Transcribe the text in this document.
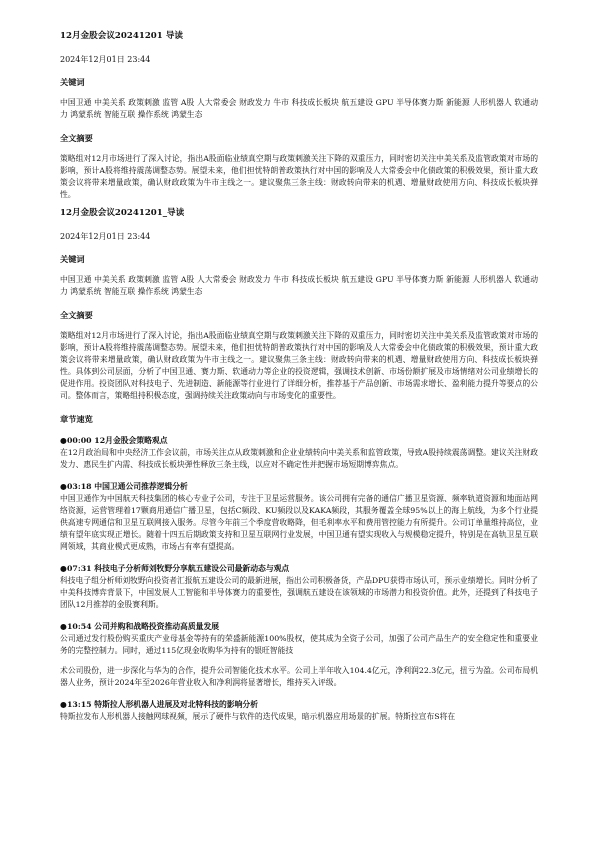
12月金股会议20241201 导读
2024年12月01日 23:44
关键词
中国卫通 中美关系 政策刺激 监管 A股 人大常委会 财政发力 牛市 科技成长板块 航五建设 GPU 半导体赛力斯 新能源 人形机器人 软通动力 鸿蒙系统 智能互联 操作系统 鸿蒙生态
全文摘要
策略组对12月市场进行了深入讨论，指出A股面临业绩真空期与政策刺激关注下降的双重压力，同时密切关注中美关系及监管政策对市场的影响，预计A股将维持震荡调整态势。展望未来，他们担忧特朗普政策执行对中国的影响及人大常委会中化债政策的积极效果，预计重大政策会议将带来增量政策，确认财政政策为牛市主线之一。建议聚焦三条主线：财政转向带来的机遇、增量财政使用方向、科技成长板块弹性。
12月金股会议20241201_导读
2024年12月01日 23:44
关键词
中国卫通 中美关系 政策刺激 监管 A股 人大常委会 财政发力 牛市 科技成长板块 航五建设 GPU 半导体赛力斯 新能源 人形机器人 软通动力 鸿蒙系统 智能互联 操作系统 鸿蒙生态
全文摘要
策略组对12月市场进行了深入讨论，指出A股面临业绩真空期与政策刺激关注下降的双重压力，同时密切关注中美关系及监管政策对市场的影响，预计A股将维持震荡调整态势。展望未来，他们担忧特朗普政策执行对中国的影响及人大常委会中化债政策的积极效果，预计重大政策会议将带来增量政策，确认财政政策为牛市主线之一。建议聚焦三条主线：财政转向带来的机遇、增量财政使用方向、科技成长板块弹性。具体到公司层面，分析了中国卫通、赛力斯、软通动力等企业的投资逻辑，强调技术创新、市场份额扩展及市场情绪对公司业绩增长的促进作用。投资团队对科技电子、先进制造、新能源等行业进行了详细分析，推荐基于产品创新、市场需求增长、盈利能力提升等要点的公司。整体而言，策略组持积极态度，强调持续关注政策动向与市场变化的重要性。
章节速览
●00:00 12月金股会策略观点
在12月政治局和中央经济工作会议前，市场关注点从政策刺激和企业业绩转向中美关系和监管政策，导致A股持续震荡调整。建议关注财政发力、惠民生扩内需、科技成长板块弹性释放三条主线，以应对不确定性并把握市场短期博弈焦点。
●03:18 中国卫通公司推荐逻辑分析
中国卫通作为中国航天科技集团的核心专业子公司，专注于卫星运营服务。该公司拥有完备的通信广播卫星资源、频率轨道资源和地面站网络资源，运营管理着17颗商用通信广播卫星，包括C频段、KU频段以及KAKA频段，其服务覆盖全球95%以上的海上航线，为多个行业提供高速专网通信和卫星互联网接入服务。尽管今年前三个季度营收略降，但毛利率水平和费用管控能力有所提升。公司订单量维持高位，业绩有望年底实现正增长。随着十四五后期政策支持和卫星互联网行业发展，中国卫通有望实现收入与规模稳定提升，特别是在高轨卫星互联网领域，其商业模式更成熟，市场占有率有望提高。
●07:31 科技电子分析师刘牧野分享航五建设公司最新动态与观点
科技电子组分析师刘牧野向投资者汇报航五建设公司的最新进展，指出公司积极备货，产品DPU获得市场认可，预示业绩增长。同时分析了中美科技博弈背景下，中国发展人工智能和半导体赛力的重要性，强调航五建设在该领域的市场潜力和投资价值。此外，还提到了科技电子团队12月推荐的金股赛利斯。
●10:54 公司并购和战略投资推动高质量发展
公司通过发行股份购买重庆产业母基金等持有的荣盛新能源100%股权，使其成为全资子公司，加强了公司产品生产的安全稳定性和重要业务的完整控制力。同时，通过115亿现金收购华为持有的银旺智能技
术公司股份，进一步深化与华为的合作，提升公司智能化技术水平。公司上半年收入104.4亿元，净利润22.3亿元，扭亏为盈。公司布局机器人业务，预计2024年至2026年营业收入和净利润将显著增长，维持买入评级。
●13:15 特斯拉人形机器人进展及对北特科技的影响分析
特斯拉发布人形机器人接触网球视频，展示了硬件与软件的迭代成果，暗示机器应用场景的扩展。特斯拉宣布S将在
